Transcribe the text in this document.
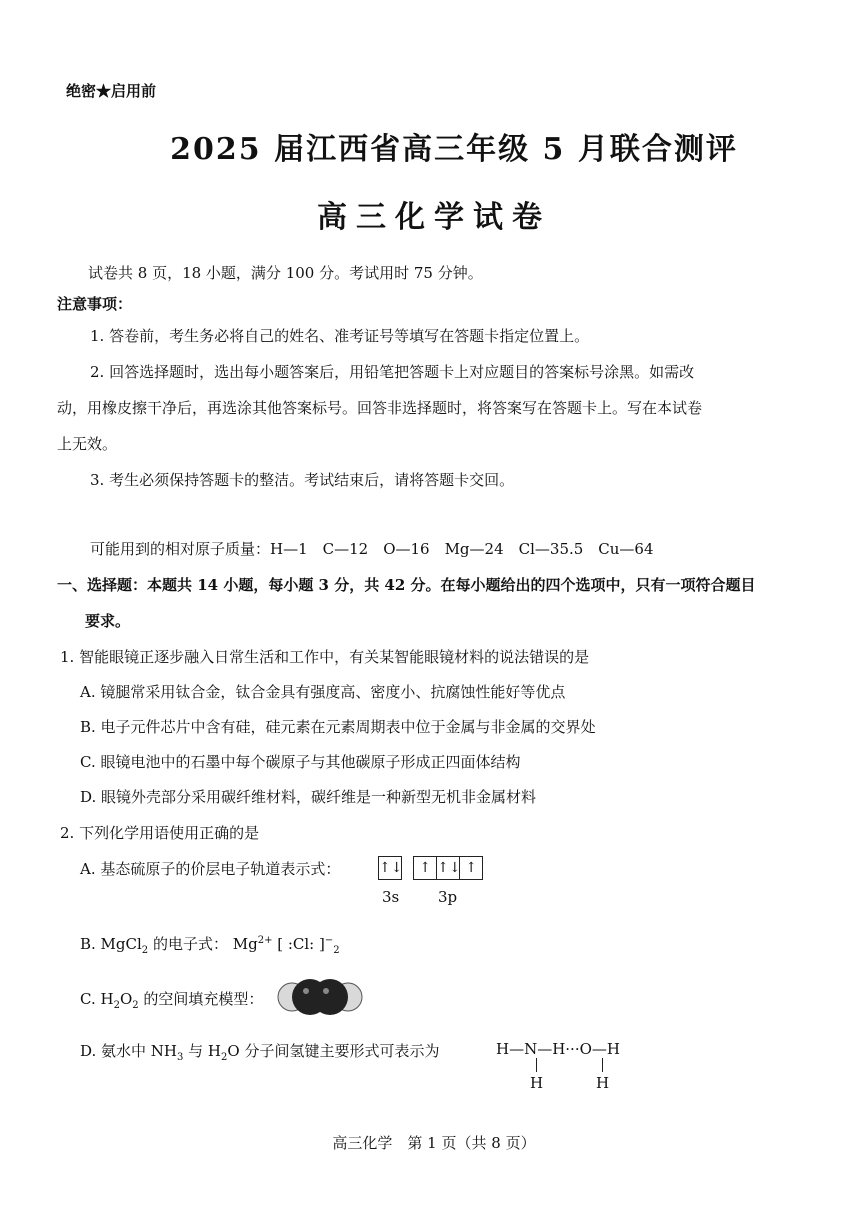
绝密★启用前
2025 届江西省高三年级 5 月联合测评
高三化学试卷
试卷共 8 页，18 小题，满分 100 分。考试用时 75 分钟。
注意事项：
1. 答卷前，考生务必将自己的姓名、准考证号等填写在答题卡指定位置上。
2. 回答选择题时，选出每小题答案后，用铅笔把答题卡上对应题目的答案标号涂黑。如需改
动，用橡皮擦干净后，再选涂其他答案标号。回答非选择题时，将答案写在答题卡上。写在本试卷
上无效。
3. 考生必须保持答题卡的整洁。考试结束后，请将答题卡交回。
可能用到的相对原子质量：H—1　C—12　O—16　Mg—24　Cl—35.5　Cu—64
一、选择题：本题共 14 小题，每小题 3 分，共 42 分。在每小题给出的四个选项中，只有一项符合题目
要求。
1. 智能眼镜正逐步融入日常生活和工作中，有关某智能眼镜材料的说法错误的是
A. 镜腿常采用钛合金，钛合金具有强度高、密度小、抗腐蚀性能好等优点
B. 电子元件芯片中含有硅，硅元素在元素周期表中位于金属与非金属的交界处
C. 眼镜电池中的石墨中每个碳原子与其他碳原子形成正四面体结构
D. 眼镜外壳部分采用碳纤维材料，碳纤维是一种新型无机非金属材料
2. 下列化学用语使用正确的是
A. 基态硫原子的价层电子轨道表示式：	↑↓ ↑ ↑↓ ↑
3s	3p
B. MgCl$_2$ 的电子式： $Mg^{2+}$ [ :Cl: ]$^-_2$
C. $H_2O_2$ 的空间填充模型：
D. 氨水中 $NH_3$ 与 $H_2O$ 分子间氢键主要形式可表示为	H—N—H···O—H
H	H
高三化学　第 1 页（共 8 页）
